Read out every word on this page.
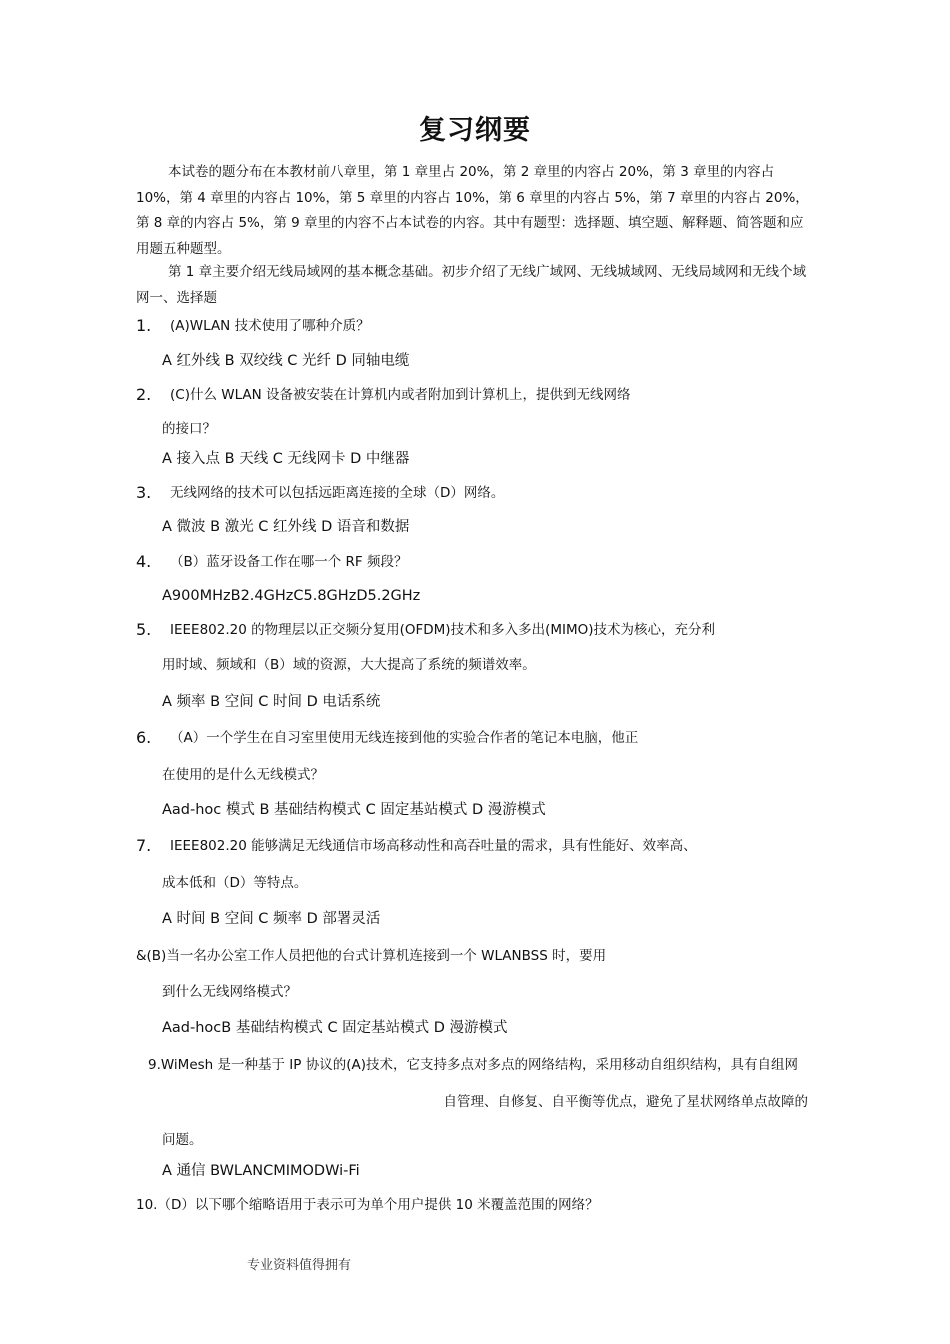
复习纲要

本试卷的题分布在本教材前八章里，第 1 章里占 20%，第 2 章里的内容占 20%，第 3 章里的内容占 10%，第 4 章里的内容占 10%，第 5 章里的内容占 10%，第 6 章里的内容占 5%，第 7 章里的内容占 20%，第 8 章的内容占 5%，第 9 章里的内容不占本试卷的内容。其中有题型：选择题、填空题、解释题、简答题和应用题五种题型。

第 1 章主要介绍无线局域网的基本概念基础。初步介绍了无线广域网、无线城域网、无线局域网和无线个域网一、选择题

1. (A)WLAN 技术使用了哪种介质？
A 红外线 B 双绞线 C 光纤 D 同轴电缆
2. (C)什么 WLAN 设备被安装在计算机内或者附加到计算机上，提供到无线网络
的接口？
A 接入点 B 天线 C 无线网卡 D 中继器
3. 无线网络的技术可以包括远距离连接的全球（D）网络。
A 微波 B 激光 C 红外线 D 语音和数据
4. （B）蓝牙设备工作在哪一个 RF 频段？
A900MHzB2.4GHzC5.8GHzD5.2GHz
5. IEEE802.20 的物理层以正交频分复用(OFDM)技术和多入多出(MIMO)技术为核心，充分利
用时域、频域和（B）域的资源，大大提高了系统的频谱效率。
A 频率 B 空间 C 时间 D 电话系统
6. （A）一个学生在自习室里使用无线连接到他的实验合作者的笔记本电脑，他正
在使用的是什么无线模式？
Aad-hoc 模式 B 基础结构模式 C 固定基站模式 D 漫游模式
7. IEEE802.20 能够满足无线通信市场高移动性和高吞吐量的需求，具有性能好、效率高、
成本低和（D）等特点。
A 时间 B 空间 C 频率 D 部署灵活
&(B)当一名办公室工作人员把他的台式计算机连接到一个 WLANBSS 时，要用
到什么无线网络模式？
Aad-hocB 基础结构模式 C 固定基站模式 D 漫游模式
9.WiMesh 是一种基于 IP 协议的(A)技术，它支持多点对多点的网络结构，采用移动自组织结构，具有自组网
自管理、自修复、自平衡等优点，避免了星状网络单点故障的
问题。
A 通信 BWLANCMIMODWi-Fi
10.（D）以下哪个缩略语用于表示可为单个用户提供 10 米覆盖范围的网络？
专业资料值得拥有
